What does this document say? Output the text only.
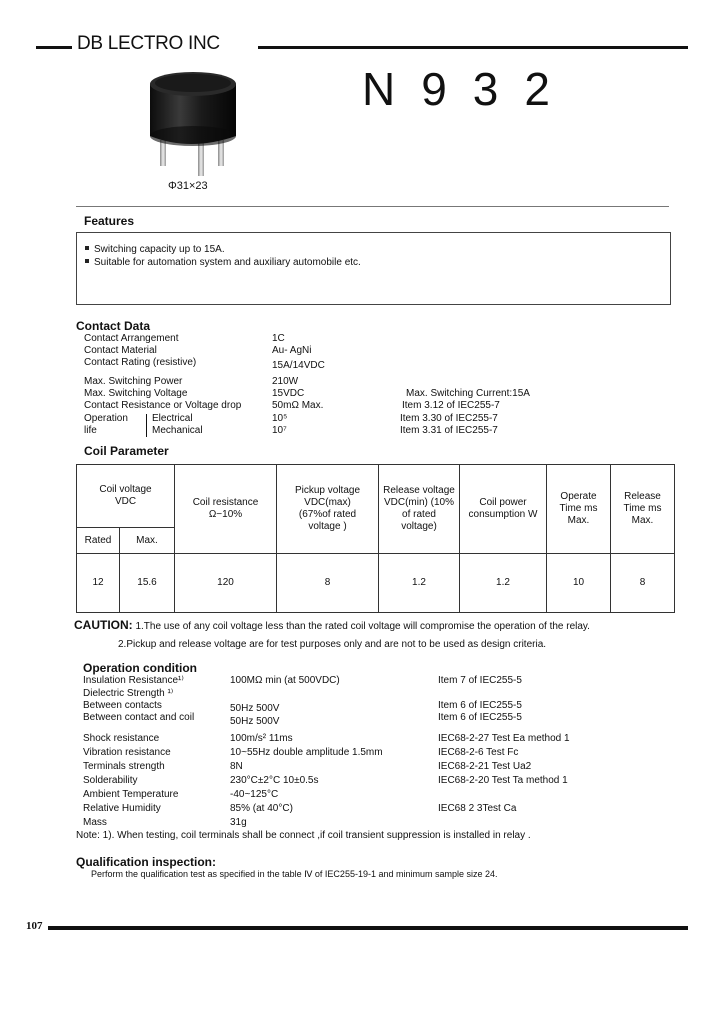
DB LECTRO INC
Φ31×23
N932
Features
Switching capacity up to 15A.
Suitable for automation system and auxiliary automobile etc.
Contact Data
Contact Arrangement	1C
Contact Material	Au- AgNi
Contact Rating (resistive)	15A/14VDC
Max. Switching Power	210W
Max. Switching Voltage	15VDC	Max. Switching Current:15A
Contact Resistance or Voltage drop	50mΩ Max.	Item 3.12 of IEC255-7
Operation
life
Electrical	10⁵	Item 3.30 of IEC255-7
Mechanical	10⁷	Item 3.31 of IEC255-7
Coil Parameter
Coil voltage VDC		Coil resistance Ω−10%	Pickup voltage VDC(max) (67%of rated voltage )	Release voltage VDC(min) (10% of rated voltage)	Coil power consumption W	Operate Time ms Max.	Release Time ms Max.
Rated	Max.						
12	15.6	120	8	1.2	1.2	10	8
CAUTION: 1.The use of any coil voltage less than the rated coil voltage will compromise the operation of the relay.
2.Pickup and release voltage are for test purposes only and are not to be used as design criteria.
Operation condition
Insulation Resistance¹⁾	100MΩ min (at 500VDC)	Item 7 of IEC255-5
Dielectric Strength ¹⁾
Between contacts	50Hz 500V	Item 6 of IEC255-5
Between contact and coil	50Hz 500V	Item 6 of IEC255-5
Shock resistance	100m/s² 11ms	IEC68-2-27 Test Ea method 1
Vibration resistance	10~55Hz double amplitude 1.5mm	IEC68-2-6 Test Fc
Terminals strength	8N	IEC68-2-21 Test Ua2
Solderability	230°C±2°C 10±0.5s	IEC68-2-20 Test Ta method 1
Ambient Temperature	-40~125°C
Relative Humidity	85% (at 40°C)	IEC68 2 3Test Ca
Mass	31g
Note: 1). When testing, coil terminals shall be connect ,if coil transient suppression is installed in relay .
Qualification inspection:
Perform the qualification test as specified in the table Ⅳ of IEC255-19-1 and minimum sample size 24.
107
